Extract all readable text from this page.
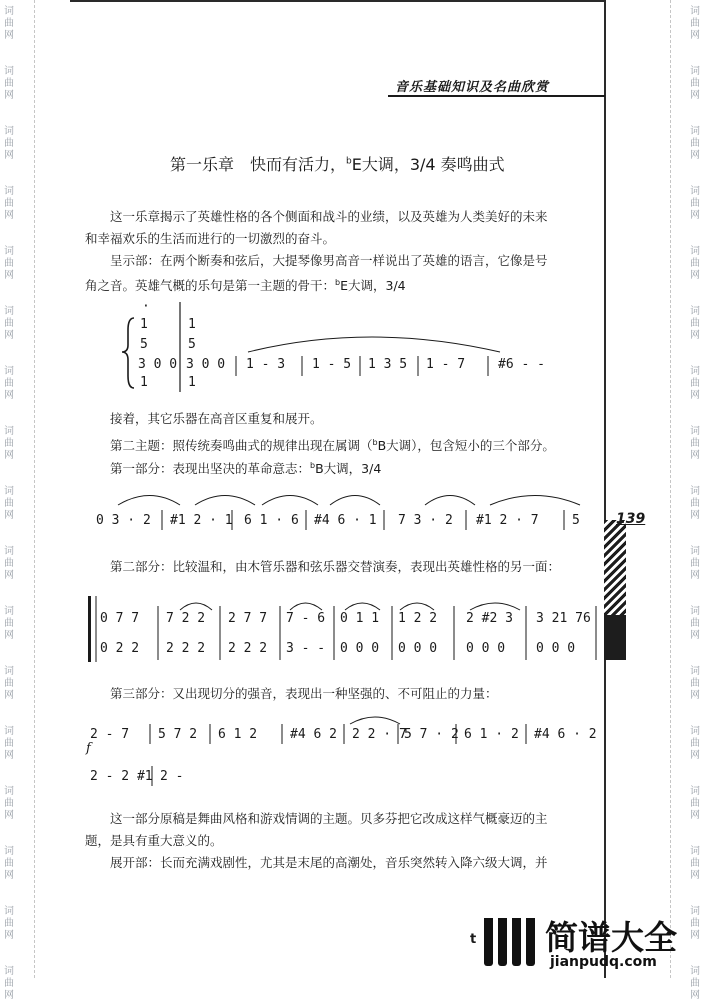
词
曲
网
词
曲
网
词
曲
网
词
曲
网
词
曲
网
词
曲
网
词
曲
网
词
曲
网
词
曲
网
词
曲
网
词
曲
网
词
曲
网
词
曲
网
词
曲
网
词
曲
网
词
曲
网
词
曲
网
词
曲
网
词
曲
网
词
曲
网
词
曲
网
词
曲
网
词
曲
网
词
曲
网
词
曲
网
词
曲
网
词
曲
网
词
曲
网
词
曲
网
词
曲
网
词
曲
网
词
曲
网
词
曲
网
词
曲
网
音乐基础知识及名曲欣赏
第一乐章　快而有活力，$^b$E大调，3/4 奏鸣曲式
这一乐章揭示了英雄性格的各个侧面和战斗的业绩，以及英雄为人类美好的未来
和幸福欢乐的生活而进行的一切激烈的奋斗。
呈示部：在两个断奏和弦后，大提琴像男高音一样说出了英雄的语言，它像是号
角之音。英雄气概的乐句是第一主题的骨干：$^b$E大调，3/4
接着，其它乐器在高音区重复和展开。
第二主题：照传统奏鸣曲式的规律出现在属调（$^b$B大调），包含短小的三个部分。
第一部分：表现出坚决的革命意志：$^b$B大调，3/4
第二部分：比较温和，由木管乐器和弦乐器交替演奏，表现出英雄性格的另一面：
第三部分：又出现切分的强音，表现出一种坚强的、不可阻止的力量：
这一部分原稿是舞曲风格和游戏情调的主题。贝多芬把它改成这样气概豪迈的主
题，是具有重大意义的。
展开部：长而充满戏剧性，尤其是末尾的高潮处，音乐突然转入降六级大调，并
139
·
1
5
3 0 0
1
1
5
3 0 0
1
1 - 3 1 - 5 1 3 5 1 - 7	#6 - -
0 3 · 2 #1 2 · 1 6 1 · 6 #4 6 · 1 7 3 · 2 #1 2 · 7	5
f
0 7 7 7 2 2 2 7 7 7 - 6 0 1 1 1 2 2 2 #2 3 3 21 76
0 2 2 2 2 2 2 2 2 3 - - 0 0 0 0 0 0 0 0 0 0 0 0
2 - 7 5 7 2 6 1 2	#4 6 2 2 2 · 7
5 7 · 2 6 1 · 2 #4 6 · 2
2 - 2 #1 2 -
t 简谱大全
jianpudq.com
